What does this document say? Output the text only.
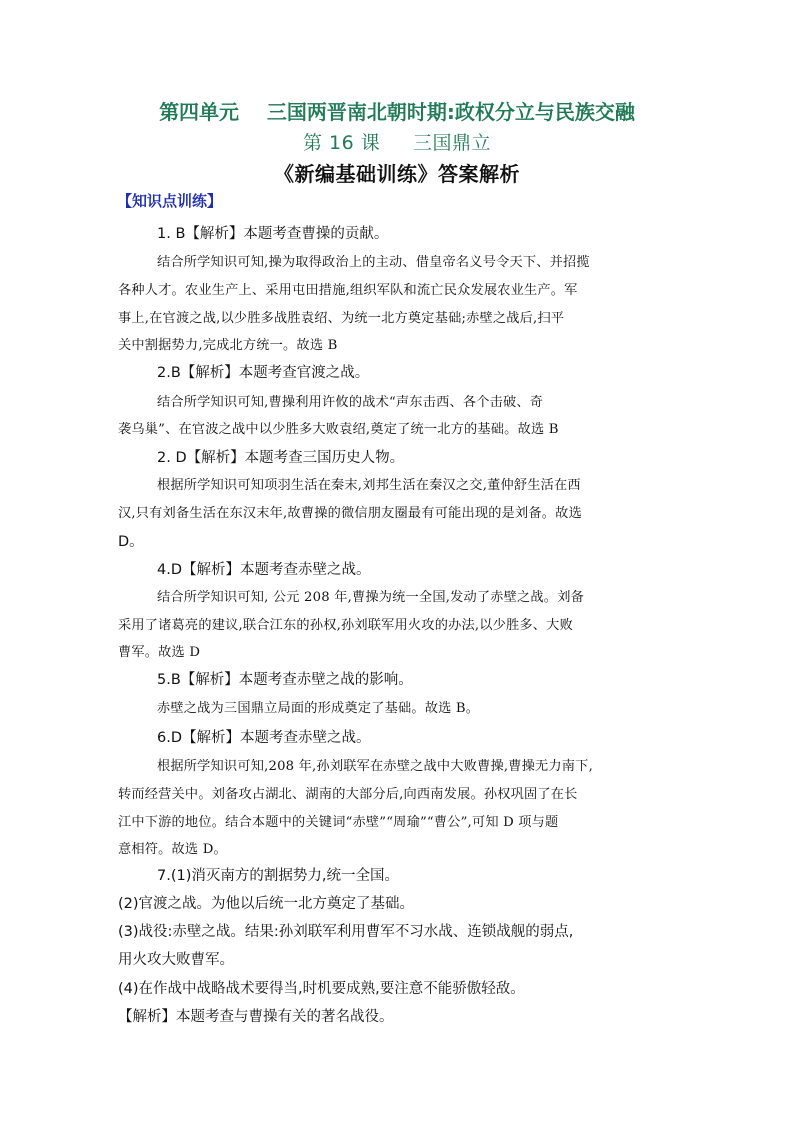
第四单元    三国两晋南北朝时期:政权分立与民族交融
第 16 课     三国鼎立
《新编基础训练》答案解析
【知识点训练】
1. B【解析】本题考查曹操的贡献。
结合所学知识可知,操为取得政治上的主动、借皇帝名义号令天下、并招揽
各种人才。农业生产上、采用屯田措施,组织军队和流亡民众发展农业生产。军
事上,在官渡之战,以少胜多战胜袁绍、为统一北方奠定基础;赤壁之战后,扫平
关中割据势力,完成北方统一。故选 B
2.B【解析】本题考查官渡之战。
结合所学知识可知,曹操利用许攸的战术“声东击西、各个击破、奇
袭乌巢”、在官波之战中以少胜多大败袁绍,奠定了统一北方的基础。故选 B
2. D【解析】本题考查三国历史人物。
根据所学知识可知项羽生活在秦末,刘邦生活在秦汉之交,董仲舒生活在西
汉,只有刘备生活在东汉末年,故曹操的微信朋友圈最有可能出现的是刘备。故选
D。
4.D【解析】本题考查赤壁之战。
结合所学知识可知, 公元 208 年,曹操为统一全国,发动了赤壁之战。刘备
采用了诸葛亮的建议,联合江东的孙权,孙刘联军用火攻的办法,以少胜多、大败
曹军。故选 D
5.B【解析】本题考查赤壁之战的影响。
赤壁之战为三国鼎立局面的形成奠定了基础。故选 B。
6.D【解析】本题考查赤壁之战。
根据所学知识可知,208 年,孙刘联军在赤壁之战中大败曹操,曹操无力南下,
转而经营关中。刘备攻占湖北、湖南的大部分后,向西南发展。孙权巩固了在长
江中下游的地位。结合本题中的关键词“赤壁”“周瑜”“曹公”,可知 D 项与题
意相符。故选 D。
7.(1)消灭南方的割据势力,统一全国。
(2)官渡之战。为他以后统一北方奠定了基础。
(3)战役:赤壁之战。结果:孙刘联军利用曹军不习水战、连锁战舰的弱点,
用火攻大败曹军。
(4)在作战中战略战术要得当,时机要成熟,要注意不能骄傲轻敌。
【解析】本题考查与曹操有关的著名战役。
